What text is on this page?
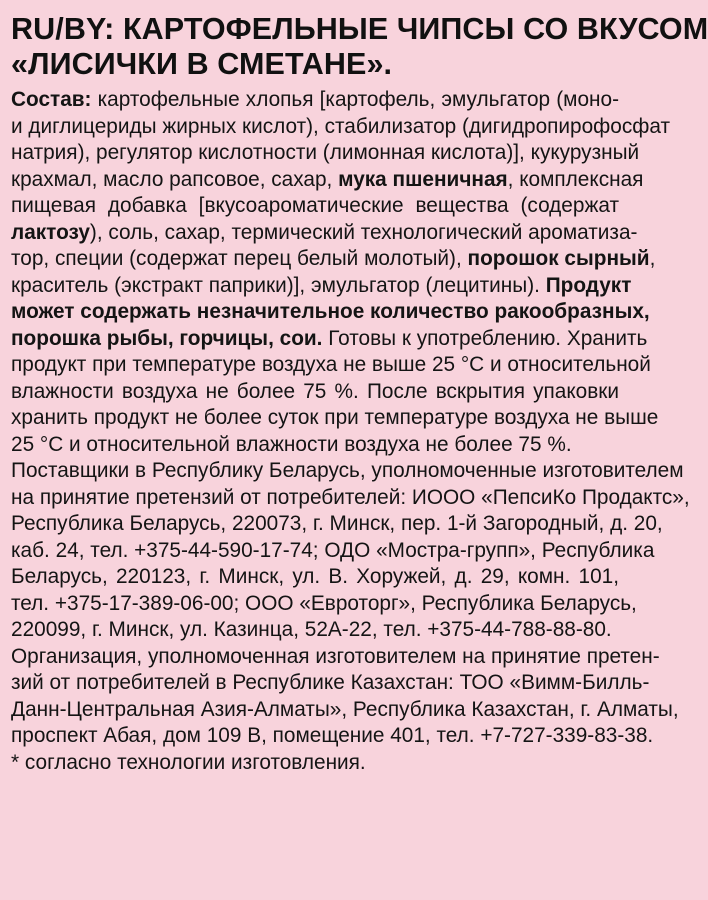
RU/BY: КАРТОФЕЛЬНЫЕ ЧИПСЫ СО ВКУСОМ
«ЛИСИЧКИ В СМЕТАНЕ».
Состав: картофельные хлопья [картофель, эмульгатор (моно-
и диглицериды жирных кислот), стабилизатор (дигидропирофосфат
натрия), регулятор кислотности (лимонная кислота)], кукурузный
крахмал, масло рапсовое, сахар, мука пшеничная, комплексная
пищевая добавка [вкусоароматические вещества (содержат
лактозу), соль, сахар, термический технологический ароматиза-
тор, специи (содержат перец белый молотый), порошок сырный,
краситель (экстракт паприки)], эмульгатор (лецитины). Продукт
может содержать незначительное количество ракообразных,
порошка рыбы, горчицы, сои. Готовы к употреблению. Хранить
продукт при температуре воздуха не выше 25 °С и относительной
влажности воздуха не более 75 %. После вскрытия упаковки
хранить продукт не более суток при температуре воздуха не выше
25 °С и относительной влажности воздуха не более 75 %.
Поставщики в Республику Беларусь, уполномоченные изготовителем
на принятие претензий от потребителей: ИООО «ПепсиКо Продактс»,
Республика Беларусь, 220073, г. Минск, пер. 1-й Загородный, д. 20,
каб. 24, тел. +375-44-590-17-74; ОДО «Мостра-групп», Республика
Беларусь, 220123, г. Минск, ул. В. Хоружей, д. 29, комн. 101,
тел. +375-17-389-06-00; ООО «Евроторг», Республика Беларусь,
220099, г. Минск, ул. Казинца, 52А-22, тел. +375-44-788-88-80.
Организация, уполномоченная изготовителем на принятие претен-
зий от потребителей в Республике Казахстан: ТОО «Вимм-Билль-
Данн-Центральная Азия-Алматы», Республика Казахстан, г. Алматы,
проспект Абая, дом 109 В, помещение 401, тел. +7-727-339-83-38.
* согласно технологии изготовления.
